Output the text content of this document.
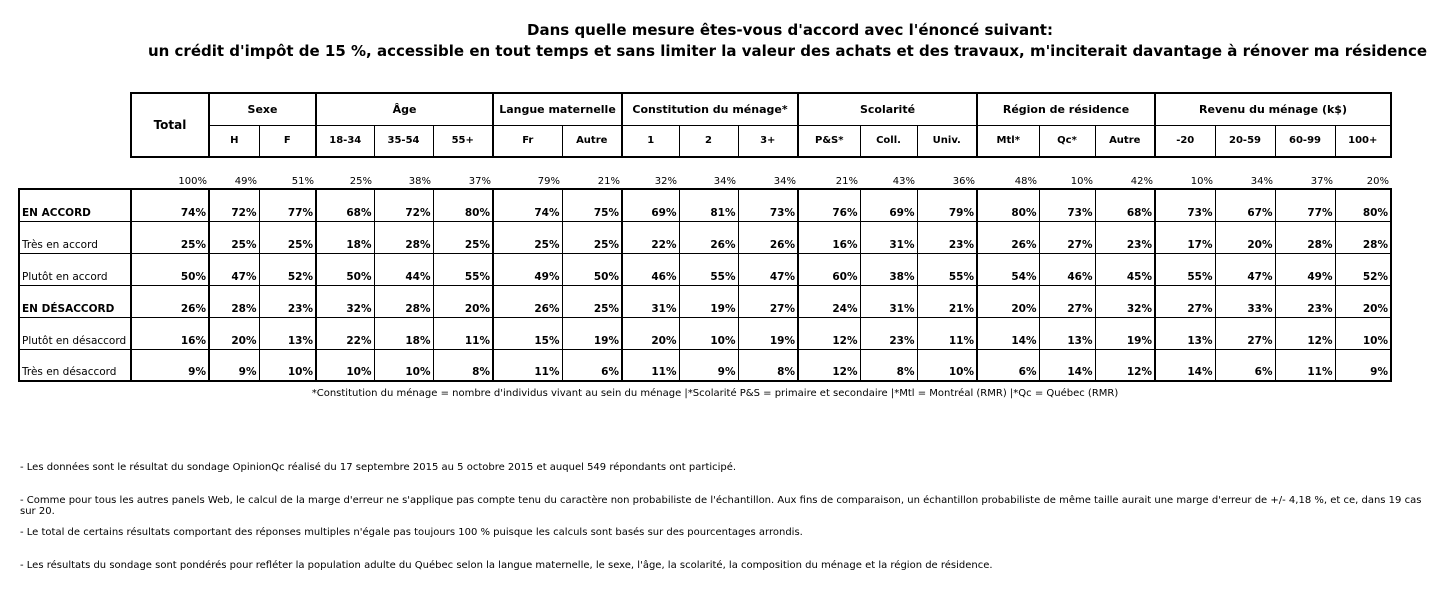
Dans quelle mesure êtes-vous d'accord avec l'énoncé suivant:
un crédit d'impôt de 15 %, accessible en tout temps et sans limiter la valeur des achats et des travaux, m'inciterait davantage à rénover ma résidence
	Total	Sexe		Âge			Langue maternelle		Constitution du ménage*			Scolarité			Région de résidence			Revenu du ménage (k$)			
		H	F	18-34	35-54	55+	Fr	Autre	1	2	3+	P&S*	Coll.	Univ.	Mtl*	Qc*	Autre	-20	20-59	60-99	100+
	100%	49%	51%	25%	38%	37%	79%	21%	32%	34%	34%	21%	43%	36%	48%	10%	42%	10%	34%	37%	20%
EN ACCORD	74%	72%	77%	68%	72%	80%	74%	75%	69%	81%	73%	76%	69%	79%	80%	73%	68%	73%	67%	77%	80%
Très en accord	25%	25%	25%	18%	28%	25%	25%	25%	22%	26%	26%	16%	31%	23%	26%	27%	23%	17%	20%	28%	28%
Plutôt en accord	50%	47%	52%	50%	44%	55%	49%	50%	46%	55%	47%	60%	38%	55%	54%	46%	45%	55%	47%	49%	52%
EN DÉSACCORD	26%	28%	23%	32%	28%	20%	26%	25%	31%	19%	27%	24%	31%	21%	20%	27%	32%	27%	33%	23%	20%
Plutôt en désaccord	16%	20%	13%	22%	18%	11%	15%	19%	20%	10%	19%	12%	23%	11%	14%	13%	19%	13%	27%	12%	10%
Très en désaccord	9%	9%	10%	10%	10%	8%	11%	6%	11%	9%	8%	12%	8%	10%	6%	14%	12%	14%	6%	11%	9%
*Constitution du ménage = nombre d'individus vivant au sein du ménage |*Scolarité P&S = primaire et secondaire |*Mtl = Montréal (RMR) |*Qc = Québec (RMR)

- Les données sont le résultat du sondage OpinionQc réalisé du 17 septembre 2015 au 5 octobre 2015 et auquel 549 répondants ont participé.

- Comme pour tous les autres panels Web, le calcul de la marge d'erreur ne s'applique pas compte tenu du caractère non probabiliste de l'échantillon. Aux fins de comparaison, un échantillon probabiliste de même taille aurait une marge d'erreur de +/- 4,18 %, et ce, dans 19 cas sur 20.

- Le total de certains résultats comportant des réponses multiples n'égale pas toujours 100 % puisque les calculs sont basés sur des pourcentages arrondis.

- Les résultats du sondage sont pondérés pour refléter la population adulte du Québec selon la langue maternelle, le sexe, l'âge, la scolarité, la composition du ménage et la région de résidence.
